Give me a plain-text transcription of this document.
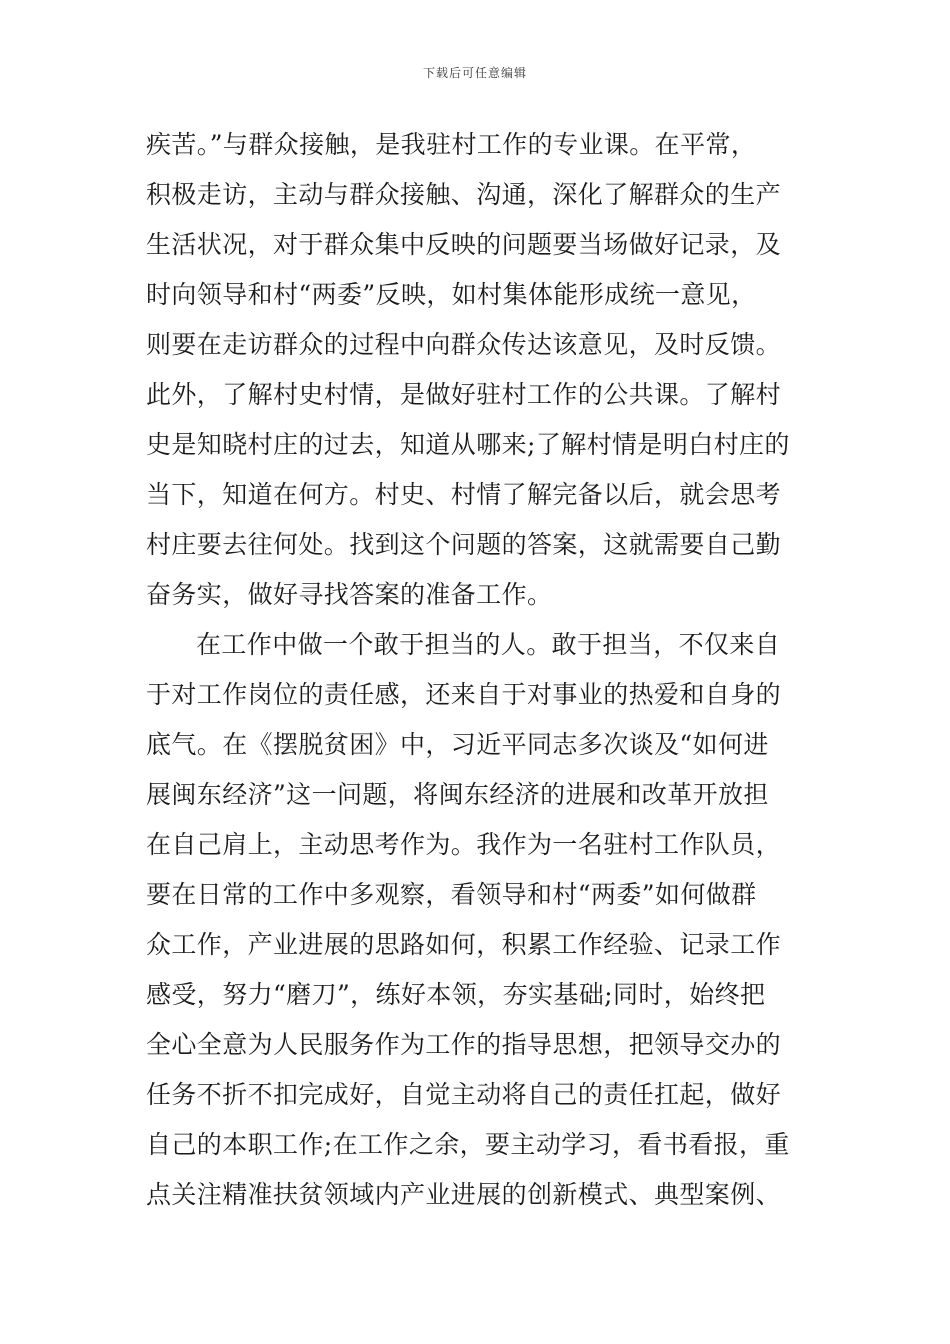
下载后可任意编辑
疾苦。”与群众接触，是我驻村工作的专业课。在平常，
积极走访，主动与群众接触、沟通，深化了解群众的生产
生活状况，对于群众集中反映的问题要当场做好记录，及
时向领导和村“两委”反映，如村集体能形成统一意见，
则要在走访群众的过程中向群众传达该意见，及时反馈。
此外，了解村史村情，是做好驻村工作的公共课。了解村
史是知晓村庄的过去，知道从哪来;了解村情是明白村庄的
当下，知道在何方。村史、村情了解完备以后，就会思考
村庄要去往何处。找到这个问题的答案，这就需要自己勤
奋务实，做好寻找答案的准备工作。
在工作中做一个敢于担当的人。敢于担当，不仅来自
于对工作岗位的责任感，还来自于对事业的热爱和自身的
底气。在《摆脱贫困》中，习近平同志多次谈及“如何进
展闽东经济”这一问题，将闽东经济的进展和改革开放担
在自己肩上，主动思考作为。我作为一名驻村工作队员，
要在日常的工作中多观察，看领导和村“两委”如何做群
众工作，产业进展的思路如何，积累工作经验、记录工作
感受，努力“磨刀”，练好本领，夯实基础;同时，始终把
全心全意为人民服务作为工作的指导思想，把领导交办的
任务不折不扣完成好，自觉主动将自己的责任扛起，做好
自己的本职工作;在工作之余，要主动学习，看书看报，重
点关注精准扶贫领域内产业进展的创新模式、典型案例、
